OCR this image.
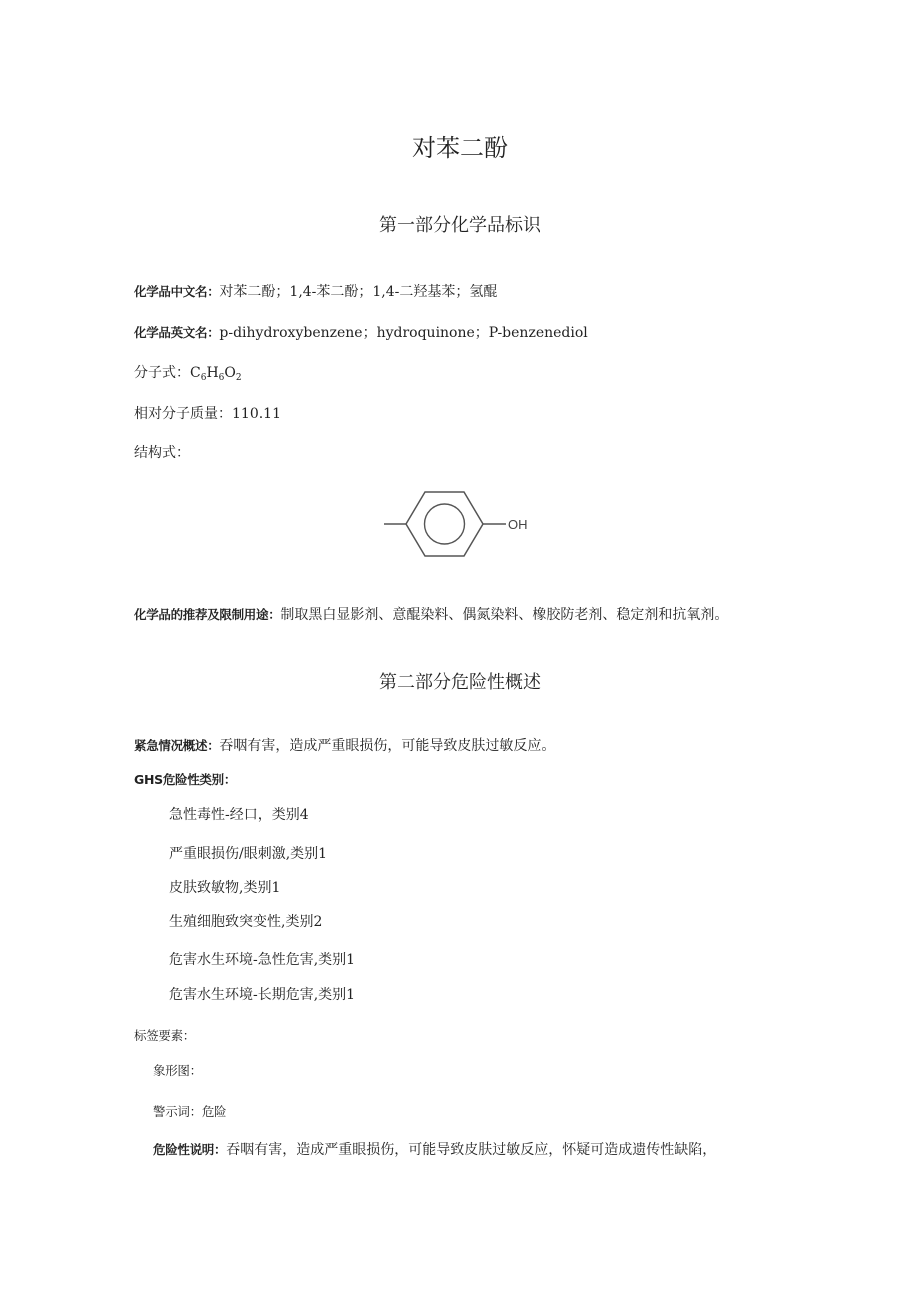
对苯二酚
第一部分化学品标识
化学品中文名：对苯二酚；1,4-苯二酚；1,4-二羟基苯；氢醌
化学品英文名：p-dihydroxybenzene；hydroquinone；P-benzenediol
分子式：$C_6H_6O_2$
相对分子质量：110.11
结构式：
OH
化学品的推荐及限制用途：制取黑白显影剂、意醌染料、偶氮染料、橡胶防老剂、稳定剂和抗氧剂。
第二部分危险性概述
紧急情况概述：吞咽有害，造成严重眼损伤，可能导致皮肤过敏反应。
GHS危险性类别：
急性毒性-经口，类别4
严重眼损伤/眼刺激,类别1
皮肤致敏物,类别1
生殖细胞致突变性,类别2
危害水生环境-急性危害,类别1
危害水生环境-长期危害,类别1
标签要素：
象形图：
警示词：危险
危险性说明：吞咽有害，造成严重眼损伤，可能导致皮肤过敏反应，怀疑可造成遗传性缺陷，
